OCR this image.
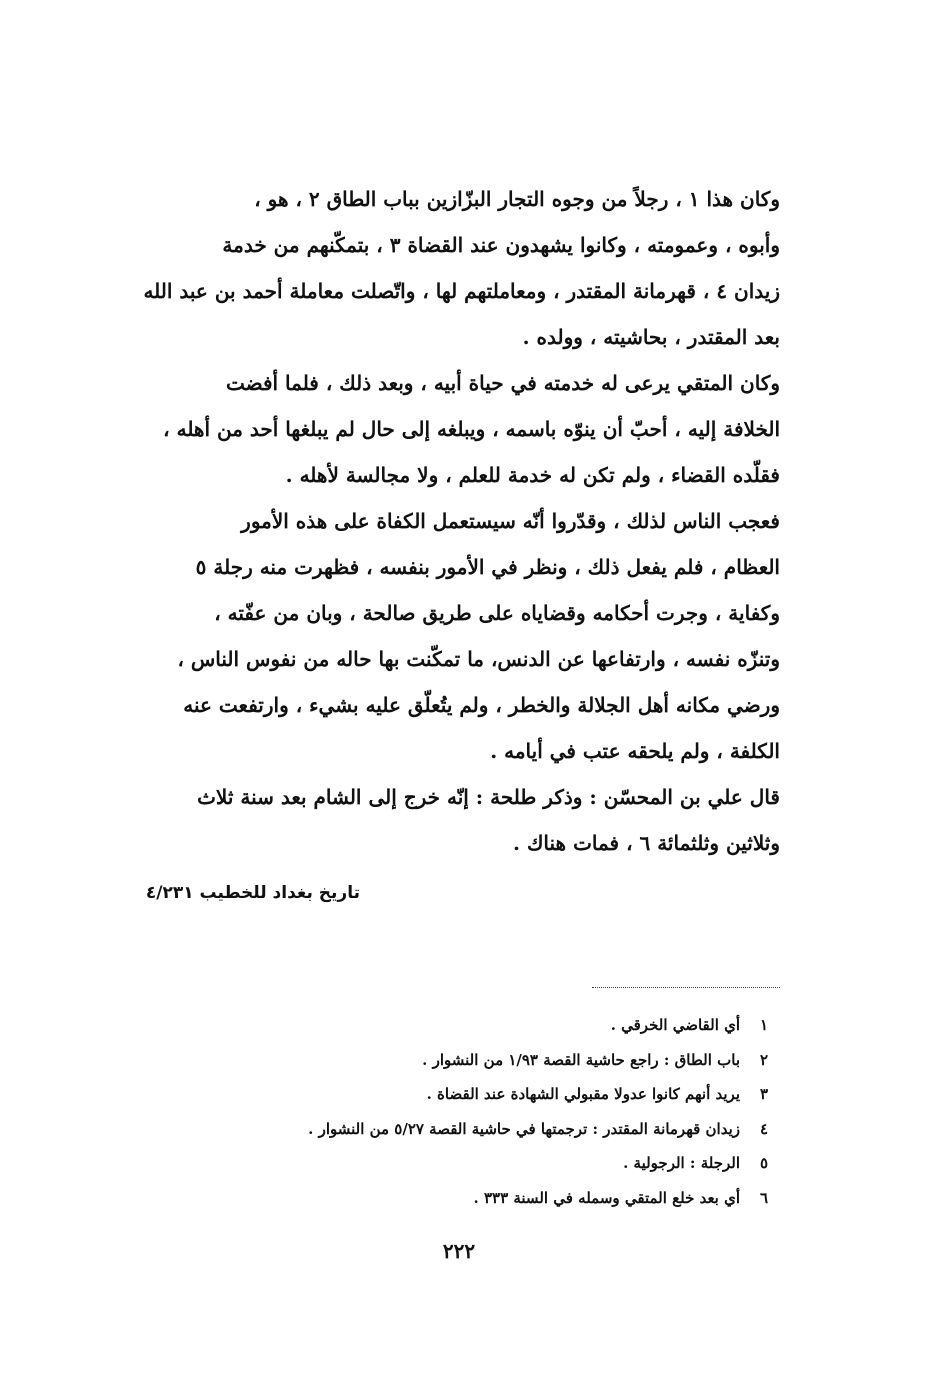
وكان هذا ١ ، رجلاً من وجوه التجار البزّازين بباب الطاق ٢ ، هو ،
وأبوه ، وعمومته ، وكانوا يشهدون عند القضاة ٣ ، بتمكّنهم من خدمة
زيدان ٤ ، قهرمانة المقتدر ، ومعاملتهم لها ، واتّصلت معاملة أحمد بن عبد الله
بعد المقتدر ، بحاشيته ، وولده .
وكان المتقي يرعى له خدمته في حياة أبيه ، وبعد ذلك ، فلما أفضت
الخلافة إليه ، أحبّ أن ينوّه باسمه ، ويبلغه إلى حال لم يبلغها أحد من أهله ،
فقلّده القضاء ، ولم تكن له خدمة للعلم ، ولا مجالسة لأهله .
فعجب الناس لذلك ، وقدّروا أنّه سيستعمل الكفاة على هذه الأمور
العظام ، فلم يفعل ذلك ، ونظر في الأمور بنفسه ، فظهرت منه رجلة ٥
وكفاية ، وجرت أحكامه وقضاياه على طريق صالحة ، وبان من عفّته ،
وتنزّه نفسه ، وارتفاعها عن الدنس، ما تمكّنت بها حاله من نفوس الناس ،
ورضي مكانه أهل الجلالة والخطر ، ولم يتُعلّق عليه بشيء ، وارتفعت عنه
الكلفة ، ولم يلحقه عتب في أيامه .
قال علي بن المحسّن : وذكر طلحة : إنّه خرج إلى الشام بعد سنة ثلاث
وثلاثين وثلثمائة ٦ ، فمات هناك .
تاريخ بغداد للخطيب ٤/٢٣١
١أي القاضي الخرقي .
٢باب الطاق : راجع حاشية القصة ١/٩٣ من النشوار .
٣يريد أنهم كانوا عدولا مقبولي الشهادة عند القضاة .
٤زيدان قهرمانة المقتدر : ترجمتها في حاشية القصة ٥/٢٧ من النشوار .
٥الرجلة : الرجولية .
٦أي بعد خلع المتقي وسمله في السنة ٣٣٣ .
٢٢٢
